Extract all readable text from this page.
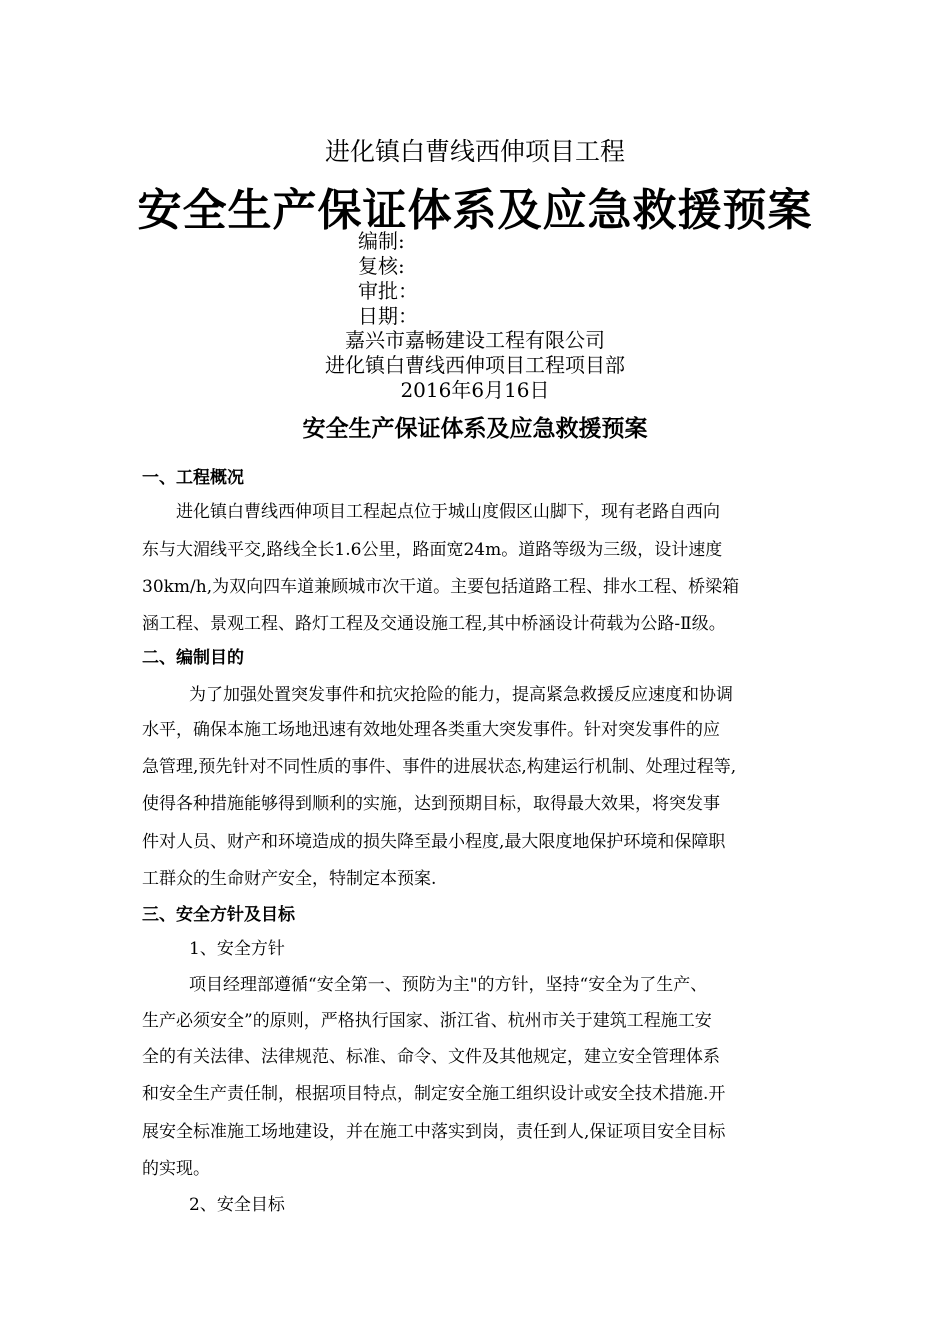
进化镇白曹线西伸项目工程
安全生产保证体系及应急救援预案
编制:
复核:
审批：
日期：
嘉兴市嘉畅建设工程有限公司
进化镇白曹线西伸项目工程项目部
2016年6月16日
安全生产保证体系及应急救援预案
一、工程概况
进化镇白曹线西伸项目工程起点位于城山度假区山脚下，现有老路自西向
东与大湄线平交,路线全长1.6公里，路面宽24m。道路等级为三级，设计速度
30km/h,为双向四车道兼顾城市次干道。主要包括道路工程、排水工程、桥梁箱
涵工程、景观工程、路灯工程及交通设施工程,其中桥涵设计荷载为公路-Ⅱ级。
二、编制目的
为了加强处置突发事件和抗灾抢险的能力，提高紧急救援反应速度和协调
水平，确保本施工场地迅速有效地处理各类重大突发事件。针对突发事件的应
急管理,预先针对不同性质的事件、事件的进展状态,构建运行机制、处理过程等,
使得各种措施能够得到顺利的实施，达到预期目标，取得最大效果，将突发事
件对人员、财产和环境造成的损失降至最小程度,最大限度地保护环境和保障职
工群众的生命财产安全，特制定本预案.
三、安全方针及目标
1、安全方针
项目经理部遵循“安全第一、预防为主"的方针，坚持“安全为了生产、
生产必须安全”的原则，严格执行国家、浙江省、杭州市关于建筑工程施工安
全的有关法律、法律规范、标准、命令、文件及其他规定，建立安全管理体系
和安全生产责任制，根据项目特点，制定安全施工组织设计或安全技术措施.开
展安全标准施工场地建设，并在施工中落实到岗，责任到人,保证项目安全目标
的实现。
2、安全目标
